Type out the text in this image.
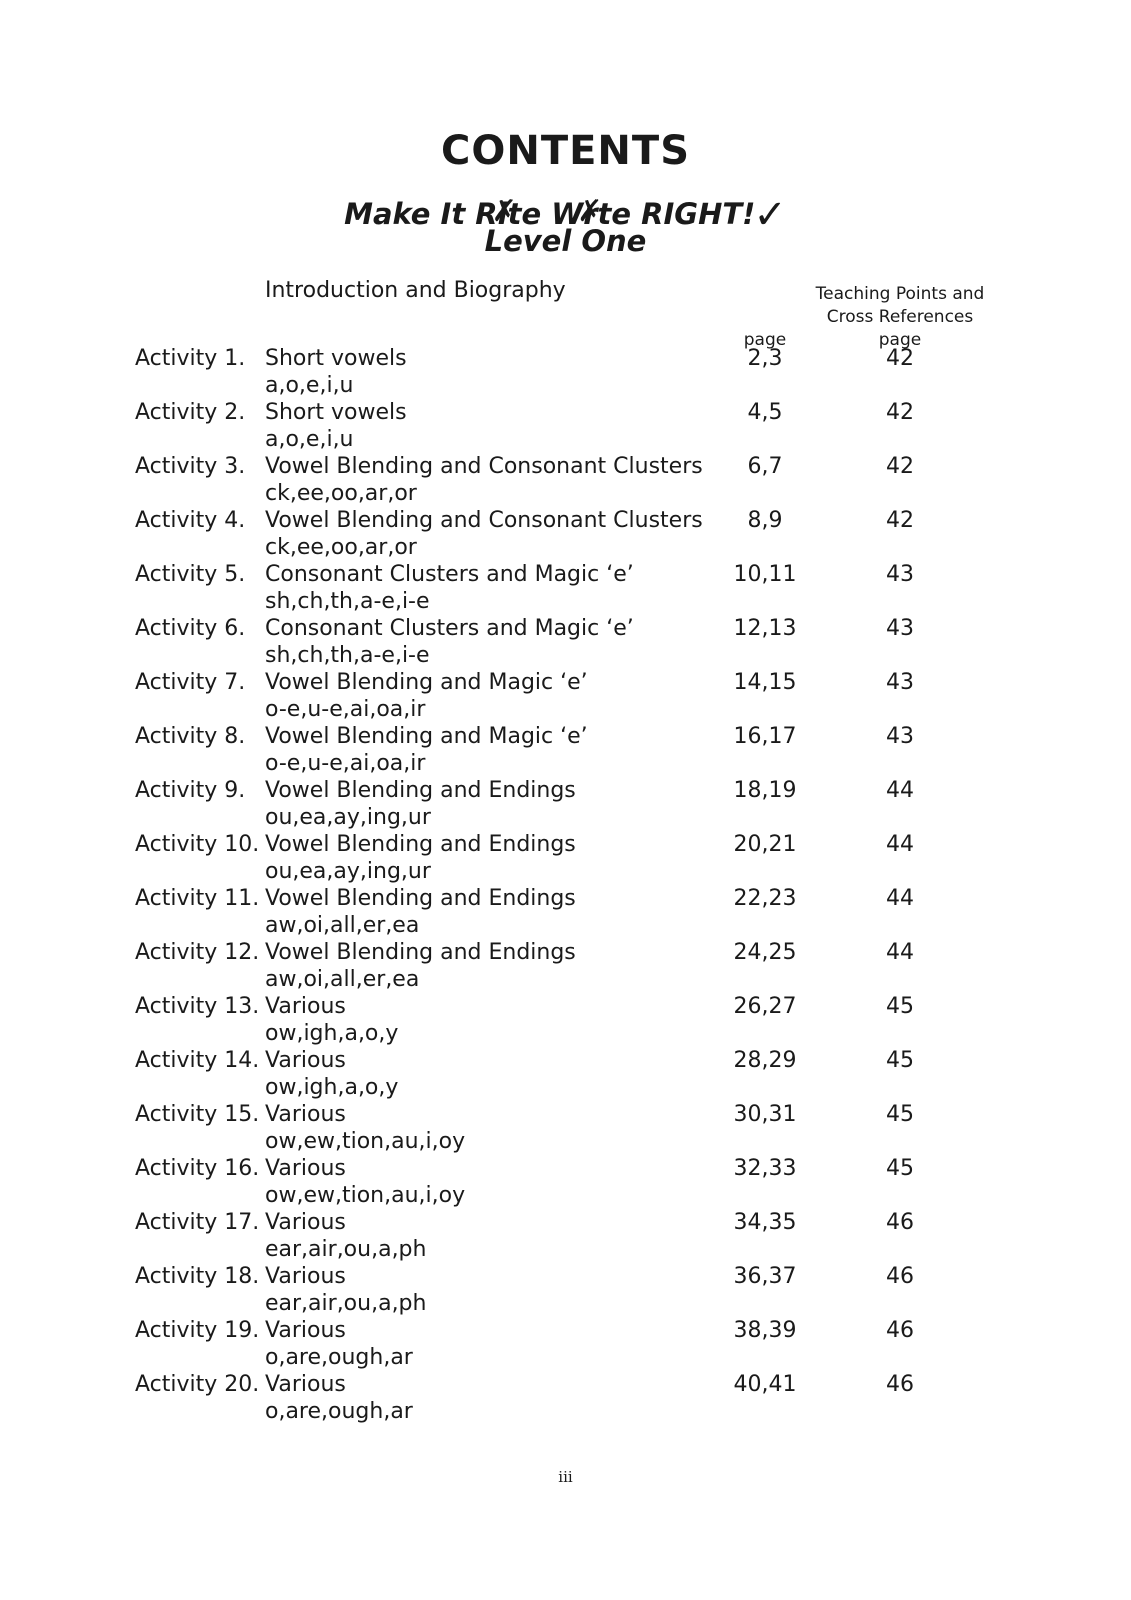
CONTENTS
Make It Ri ✗te Wr ✗te RIGHT!✓
Level One
Introduction and Biography	Teaching Points and Cross References
page	page
Activity 1. Short vowels
a,o,e,i,u
2,3	42
Activity 2. Short vowels
a,o,e,i,u
4,5	42
Activity 3. Vowel Blending and Consonant Clusters
ck,ee,oo,ar,or
6,7	42
Activity 4. Vowel Blending and Consonant Clusters
ck,ee,oo,ar,or
8,9	42
Activity 5. Consonant Clusters and Magic ‘e’
sh,ch,th,a-e,i-e
10,11	43
Activity 6. Consonant Clusters and Magic ‘e’
sh,ch,th,a-e,i-e
12,13	43
Activity 7. Vowel Blending and Magic ‘e’
o-e,u-e,ai,oa,ir
14,15	43
Activity 8. Vowel Blending and Magic ‘e’
o-e,u-e,ai,oa,ir
16,17	43
Activity 9. Vowel Blending and Endings
ou,ea,ay,ing,ur
18,19	44
Activity 10. Vowel Blending and Endings
ou,ea,ay,ing,ur
20,21	44
Activity 11. Vowel Blending and Endings
aw,oi,all,er,ea
22,23	44
Activity 12. Vowel Blending and Endings
aw,oi,all,er,ea
24,25	44
Activity 13. Various
ow,igh,a,o,y
26,27	45
Activity 14. Various
ow,igh,a,o,y
28,29	45
Activity 15. Various
ow,ew,tion,au,i,oy
30,31	45
Activity 16. Various
ow,ew,tion,au,i,oy
32,33	45
Activity 17. Various
ear,air,ou,a,ph
34,35	46
Activity 18. Various
ear,air,ou,a,ph
36,37	46
Activity 19. Various
o,are,ough,ar
38,39	46
Activity 20. Various
o,are,ough,ar
40,41	46
iii
